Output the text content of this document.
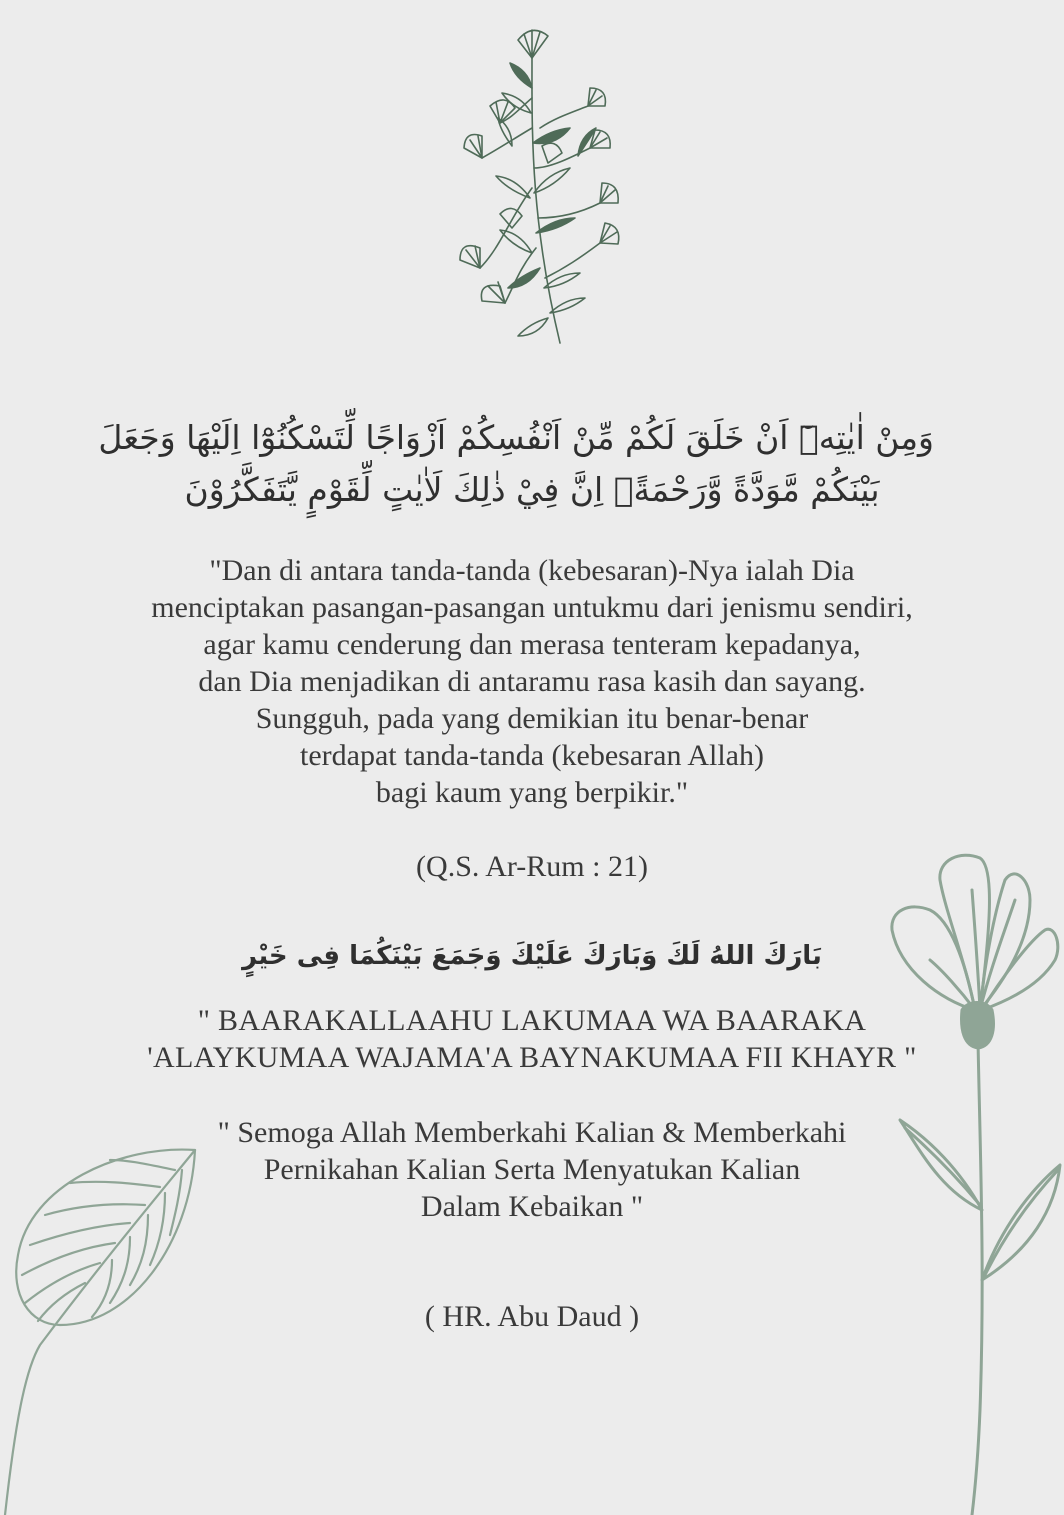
وَمِنْ اٰيٰتِهٖٓ اَنْ خَلَقَ لَكُمْ مِّنْ اَنْفُسِكُمْ اَزْوَاجًا لِّتَسْكُنُوْٓا اِلَيْهَا وَجَعَلَ
بَيْنَكُمْ مَّوَدَّةً وَّرَحْمَةًۗ اِنَّ فِيْ ذٰلِكَ لَاٰيٰتٍ لِّقَوْمٍ يَّتَفَكَّرُوْنَ
"Dan di antara tanda-tanda (kebesaran)-Nya ialah Dia
menciptakan pasangan-pasangan untukmu dari jenismu sendiri,
agar kamu cenderung dan merasa tenteram kepadanya,
dan Dia menjadikan di antaramu rasa kasih dan sayang.
Sungguh, pada yang demikian itu benar-benar
terdapat tanda-tanda (kebesaran Allah)
bagi kaum yang berpikir."
(Q.S. Ar-Rum : 21)
بَارَكَ اللهُ لَكَ وَبَارَكَ عَلَيْكَ وَجَمَعَ بَيْنَكُمَا فِى خَيْرٍ
" BAARAKALLAAHU LAKUMAA WA BAARAKA
'ALAYKUMAA WAJAMA'A BAYNAKUMAA FII KHAYR "
" Semoga Allah Memberkahi Kalian & Memberkahi
Pernikahan Kalian Serta Menyatukan Kalian
Dalam Kebaikan "
( HR. Abu Daud )
